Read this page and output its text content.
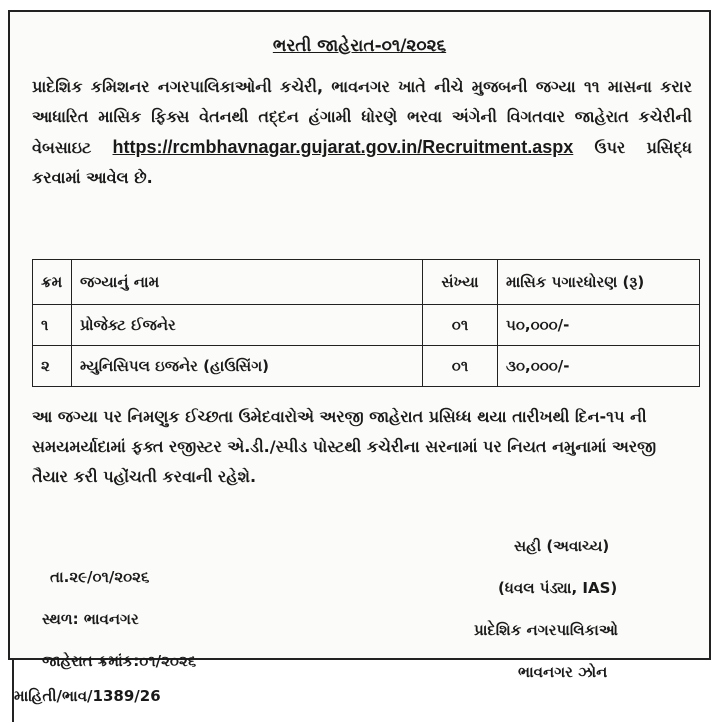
ભરતી જાહેરાત-૦૧/૨૦૨૬
પ્રાદેશિક કમિશનર નગરપાલિકાઓની કચેરી, ભાવનગર ખાતે નીચે મુજબની જગ્યા ૧૧ માસના કરાર આધારિત માસિક ફિક્સ વેતનથી તદ્દન હંગામી ધોરણે ભરવા અંગેની વિગતવાર જાહેરાત કચેરીની વેબસાઇટ https://rcmbhavnagar.gujarat.gov.in/Recruitment.aspx ઉપર પ્રસિદ્ધ કરવામાં આવેલ છે.
ક્રમ	જગ્યાનું નામ	સંખ્યા	માસિક પગારધોરણ (રૂ)
૧	પ્રોજેક્ટ ઈજનેર	૦૧	૫૦,૦૦૦/-
૨	મ્યુનિસિપલ ઇજનેર (હાઉસિંગ)	૦૧	૩૦,૦૦૦/-
આ જગ્યા પર નિમણુક ઈચ્છતા ઉમેદવારોએ અરજી જાહેરાત પ્રસિધ્ધ થયા તારીખથી દિન-૧૫ ની સમયમર્યાદામાં ફક્ત રજીસ્ટર એ.ડી./સ્પીડ પોસ્ટથી કચેરીના સરનામાં પર નિયત નમુનામાં અરજી તૈયાર કરી પહોંચતી કરવાની રહેશે.
સહી (અવાચ્ય)
(ધવલ પંડ્યા, IAS)
પ્રાદેશિક નગરપાલિકાઓ
ભાવનગર ઝોન
તા.૨૯/૦૧/૨૦૨૬
સ્થળ: ભાવનગર
જાહેરાત ક્રમાંક:૦૧/૨૦૨૬
માહિતી/ભાવ/1389/26
